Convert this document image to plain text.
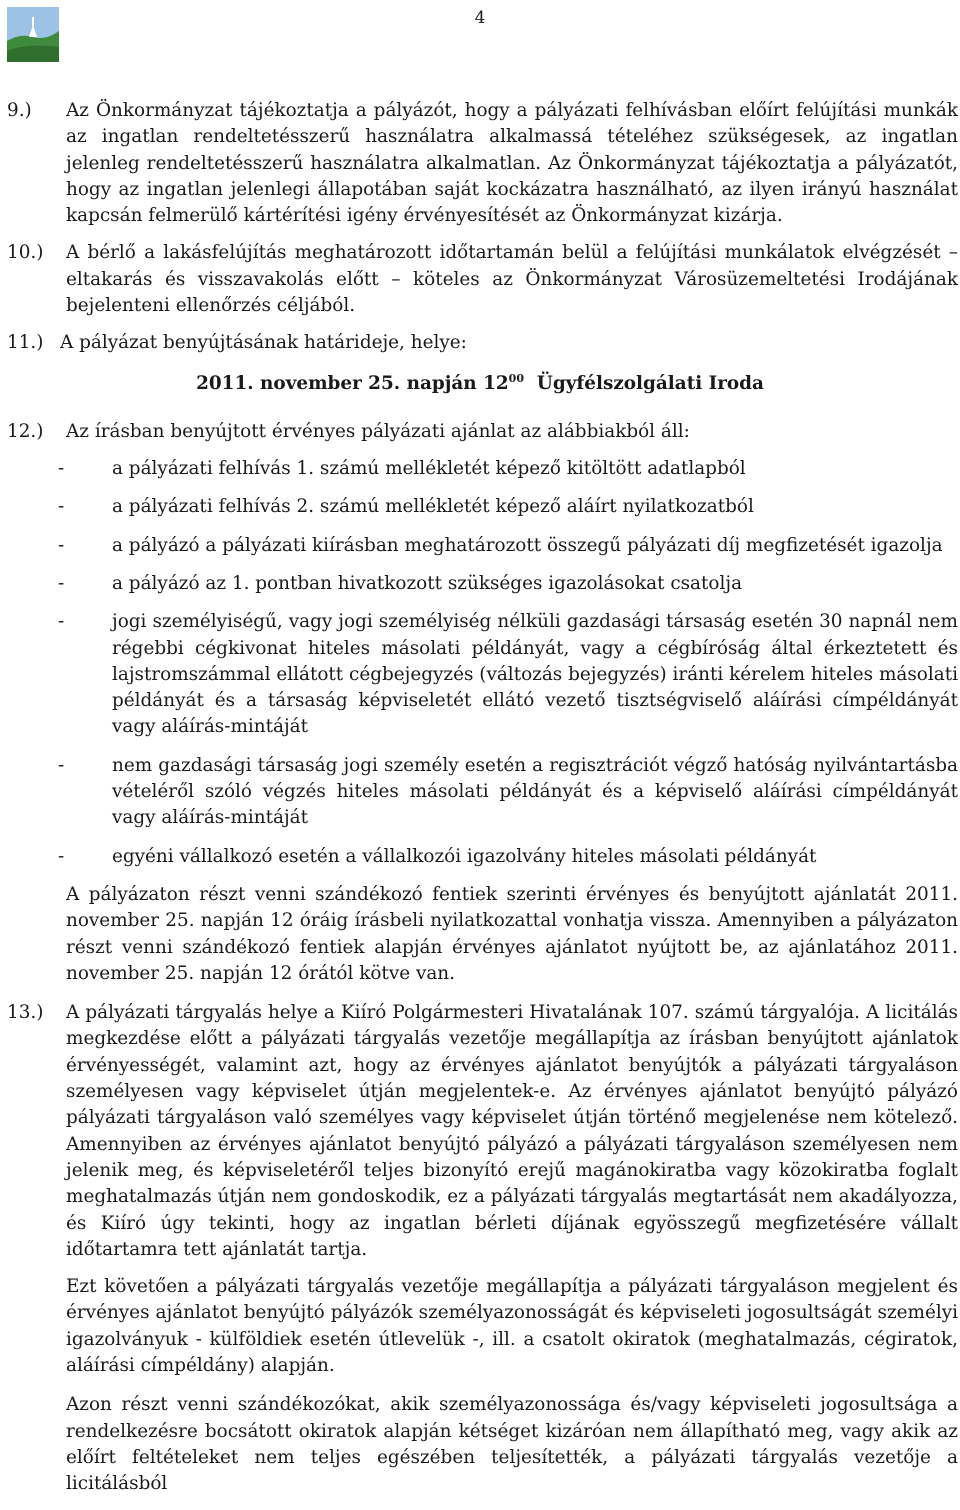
4
9.)	Az Önkormányzat tájékoztatja a pályázót, hogy a pályázati felhívásban előírt felújítási munkák az ingatlan rendeltetésszerű használatra alkalmassá tételéhez szükségesek, az ingatlan jelenleg rendeltetésszerű használatra alkalmatlan. Az Önkormányzat tájékoztatja a pályázatót, hogy az ingatlan jelenlegi állapotában saját kockázatra használható, az ilyen irányú használat kapcsán felmerülő kártérítési igény érvényesítését az Önkormányzat kizárja.
10.)	A bérlő a lakásfelújítás meghatározott időtartamán belül a felújítási munkálatok elvégzését – eltakarás és visszavakolás előtt – köteles az Önkormányzat Városüzemeltetési Irodájának bejelenteni ellenőrzés céljából.
11.) A pályázat benyújtásának határideje, helye:
2011. november 25. napján $12^{00}$ Ügyfélszolgálati Iroda
12.)	Az írásban benyújtott érvényes pályázati ajánlat az alábbiakból áll:
-	a pályázati felhívás 1. számú mellékletét képező kitöltött adatlapból
-	a pályázati felhívás 2. számú mellékletét képező aláírt nyilatkozatból
-	a pályázó a pályázati kiírásban meghatározott összegű pályázati díj megfizetését igazolja
-	a pályázó az 1. pontban hivatkozott szükséges igazolásokat csatolja
-	jogi személyiségű, vagy jogi személyiség nélküli gazdasági társaság esetén 30 napnál nem régebbi cégkivonat hiteles másolati példányát, vagy a cégbíróság által érkeztetett és lajstromszámmal ellátott cégbejegyzés (változás bejegyzés) iránti kérelem hiteles másolati példányát és a társaság képviseletét ellátó vezető tisztségviselő aláírási címpéldányát vagy aláírás-mintáját
-	nem gazdasági társaság jogi személy esetén a regisztrációt végző hatóság nyilvántartásba vételéről szóló végzés hiteles másolati példányát és a képviselő aláírási címpéldányát vagy aláírás-mintáját
-	egyéni vállalkozó esetén a vállalkozói igazolvány hiteles másolati példányát
A pályázaton részt venni szándékozó fentiek szerinti érvényes és benyújtott ajánlatát 2011. november 25. napján 12 óráig írásbeli nyilatkozattal vonhatja vissza. Amennyiben a pályázaton részt venni szándékozó fentiek alapján érvényes ajánlatot nyújtott be, az ajánlatához 2011. november 25. napján 12 órától kötve van.
13.)	A pályázati tárgyalás helye a Kiíró Polgármesteri Hivatalának 107. számú tárgyalója. A licitálás megkezdése előtt a pályázati tárgyalás vezetője megállapítja az írásban benyújtott ajánlatok érvényességét, valamint azt, hogy az érvényes ajánlatot benyújtók a pályázati tárgyaláson személyesen vagy képviselet útján megjelentek-e. Az érvényes ajánlatot benyújtó pályázó pályázati tárgyaláson való személyes vagy képviselet útján történő megjelenése nem kötelező. Amennyiben az érvényes ajánlatot benyújtó pályázó a pályázati tárgyaláson személyesen nem jelenik meg, és képviseletéről teljes bizonyító erejű magánokiratba vagy közokiratba foglalt meghatalmazás útján nem gondoskodik, ez a pályázati tárgyalás megtartását nem akadályozza, és Kiíró úgy tekinti, hogy az ingatlan bérleti díjának egyösszegű megfizetésére vállalt időtartamra tett ajánlatát tartja.
Ezt követően a pályázati tárgyalás vezetője megállapítja a pályázati tárgyaláson megjelent és érvényes ajánlatot benyújtó pályázók személyazonosságát és képviseleti jogosultságát személyi igazolványuk - külföldiek esetén útlevelük -, ill. a csatolt okiratok (meghatalmazás, cégiratok, aláírási címpéldány) alapján.
Azon részt venni szándékozókat, akik személyazonossága és/vagy képviseleti jogosultsága a rendelkezésre bocsátott okiratok alapján kétséget kizáróan nem állapítható meg, vagy akik az előírt feltételeket nem teljes egészében teljesítették, a pályázati tárgyalás vezetője a licitálásból
